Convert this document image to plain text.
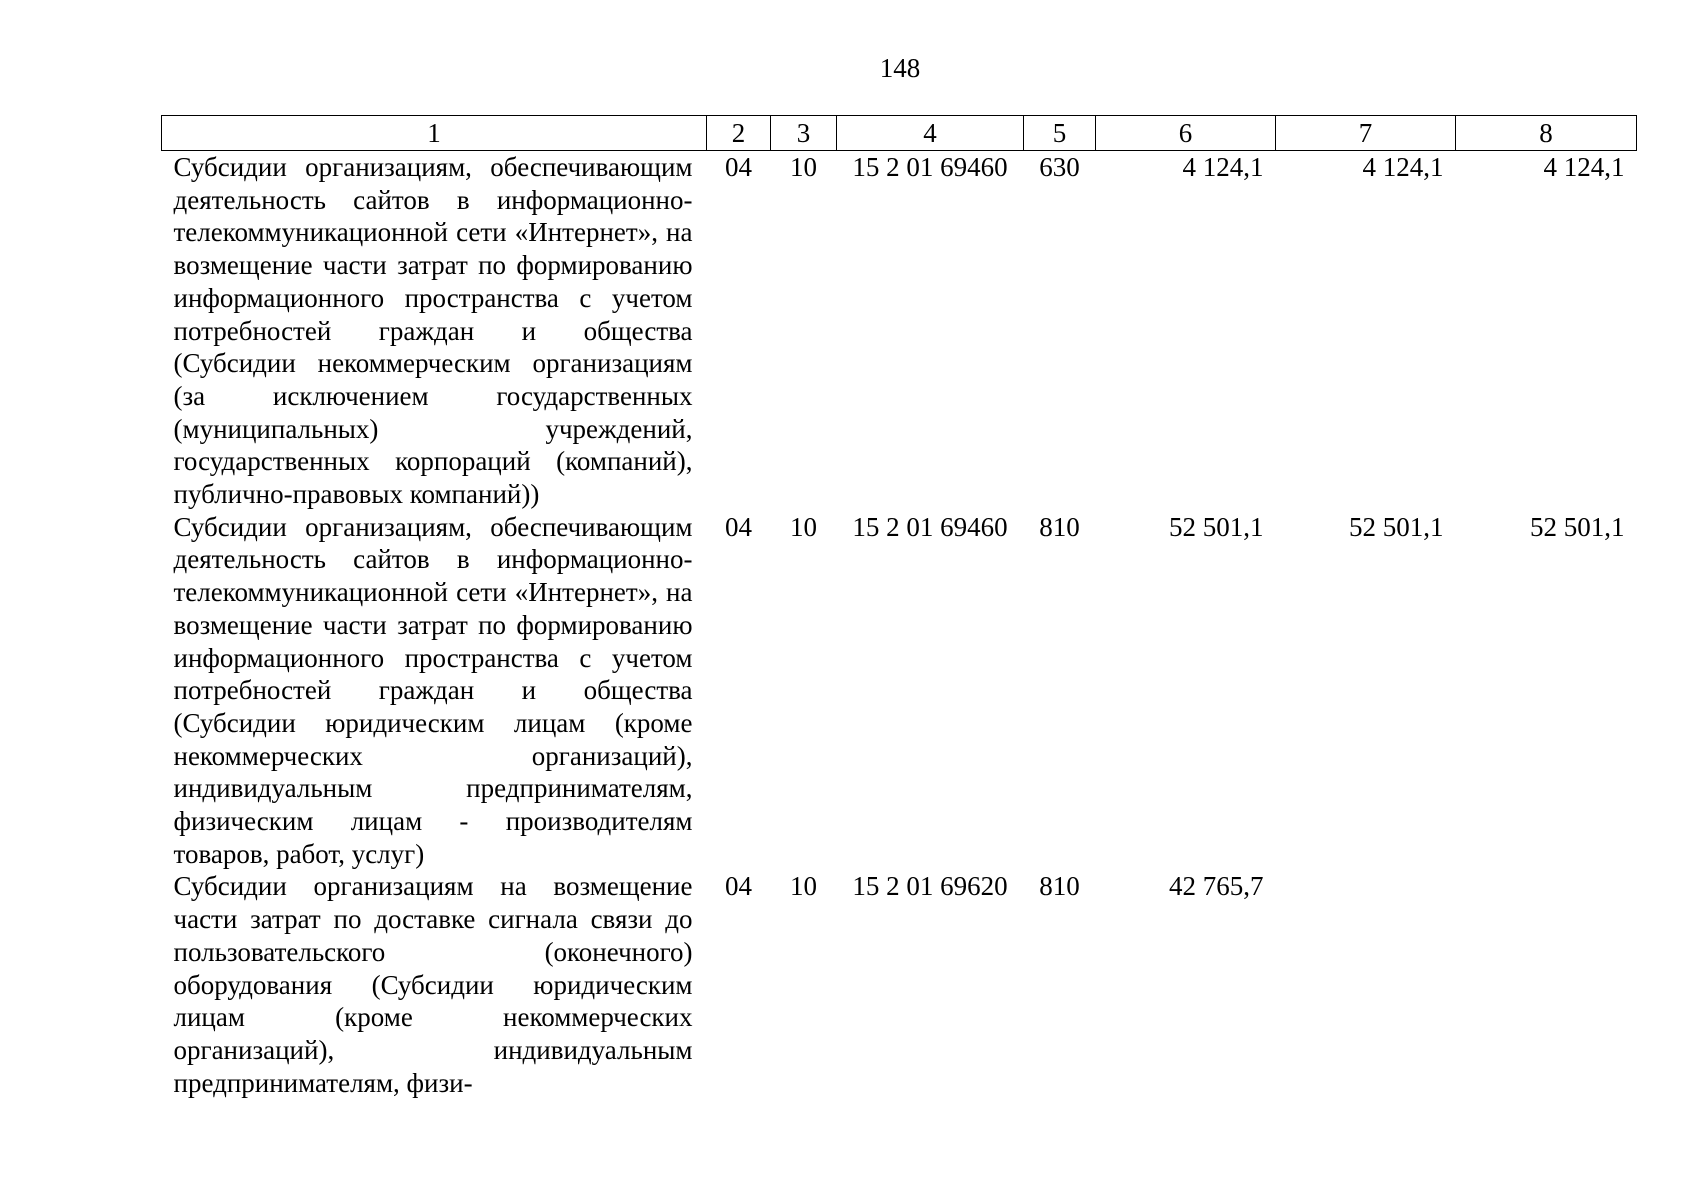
148
1	2	3	4	5	6	7	8
Субсидии организациям, обеспечивающим деятельность сайтов в информационно-телекоммуникационной сети «Интернет», на возмещение части затрат по формированию информационного пространства с учетом потребностей граждан и общества (Субсидии некоммерческим организациям (за исключением государственных (муниципальных) учреждений, государственных корпораций (компаний), публично-правовых компаний))	04	10	15 2 01 69460	630	4 124,1	4 124,1	4 124,1
Субсидии организациям, обеспечивающим деятельность сайтов в информационно-телекоммуникационной сети «Интернет», на возмещение части затрат по формированию информационного пространства с учетом потребностей граждан и общества (Субсидии юридическим лицам (кроме некоммерческих организаций), индивидуальным предпринимателям, физическим лицам - производителям товаров, работ, услуг)	04	10	15 2 01 69460	810	52 501,1	52 501,1	52 501,1
Субсидии организациям на возмещение части затрат по доставке сигнала связи до пользовательского (оконечного) оборудования (Субсидии юридическим лицам (кроме некоммерческих организаций), индивидуальным предпринимателям, физи-	04	10	15 2 01 69620	810	42 765,7		
